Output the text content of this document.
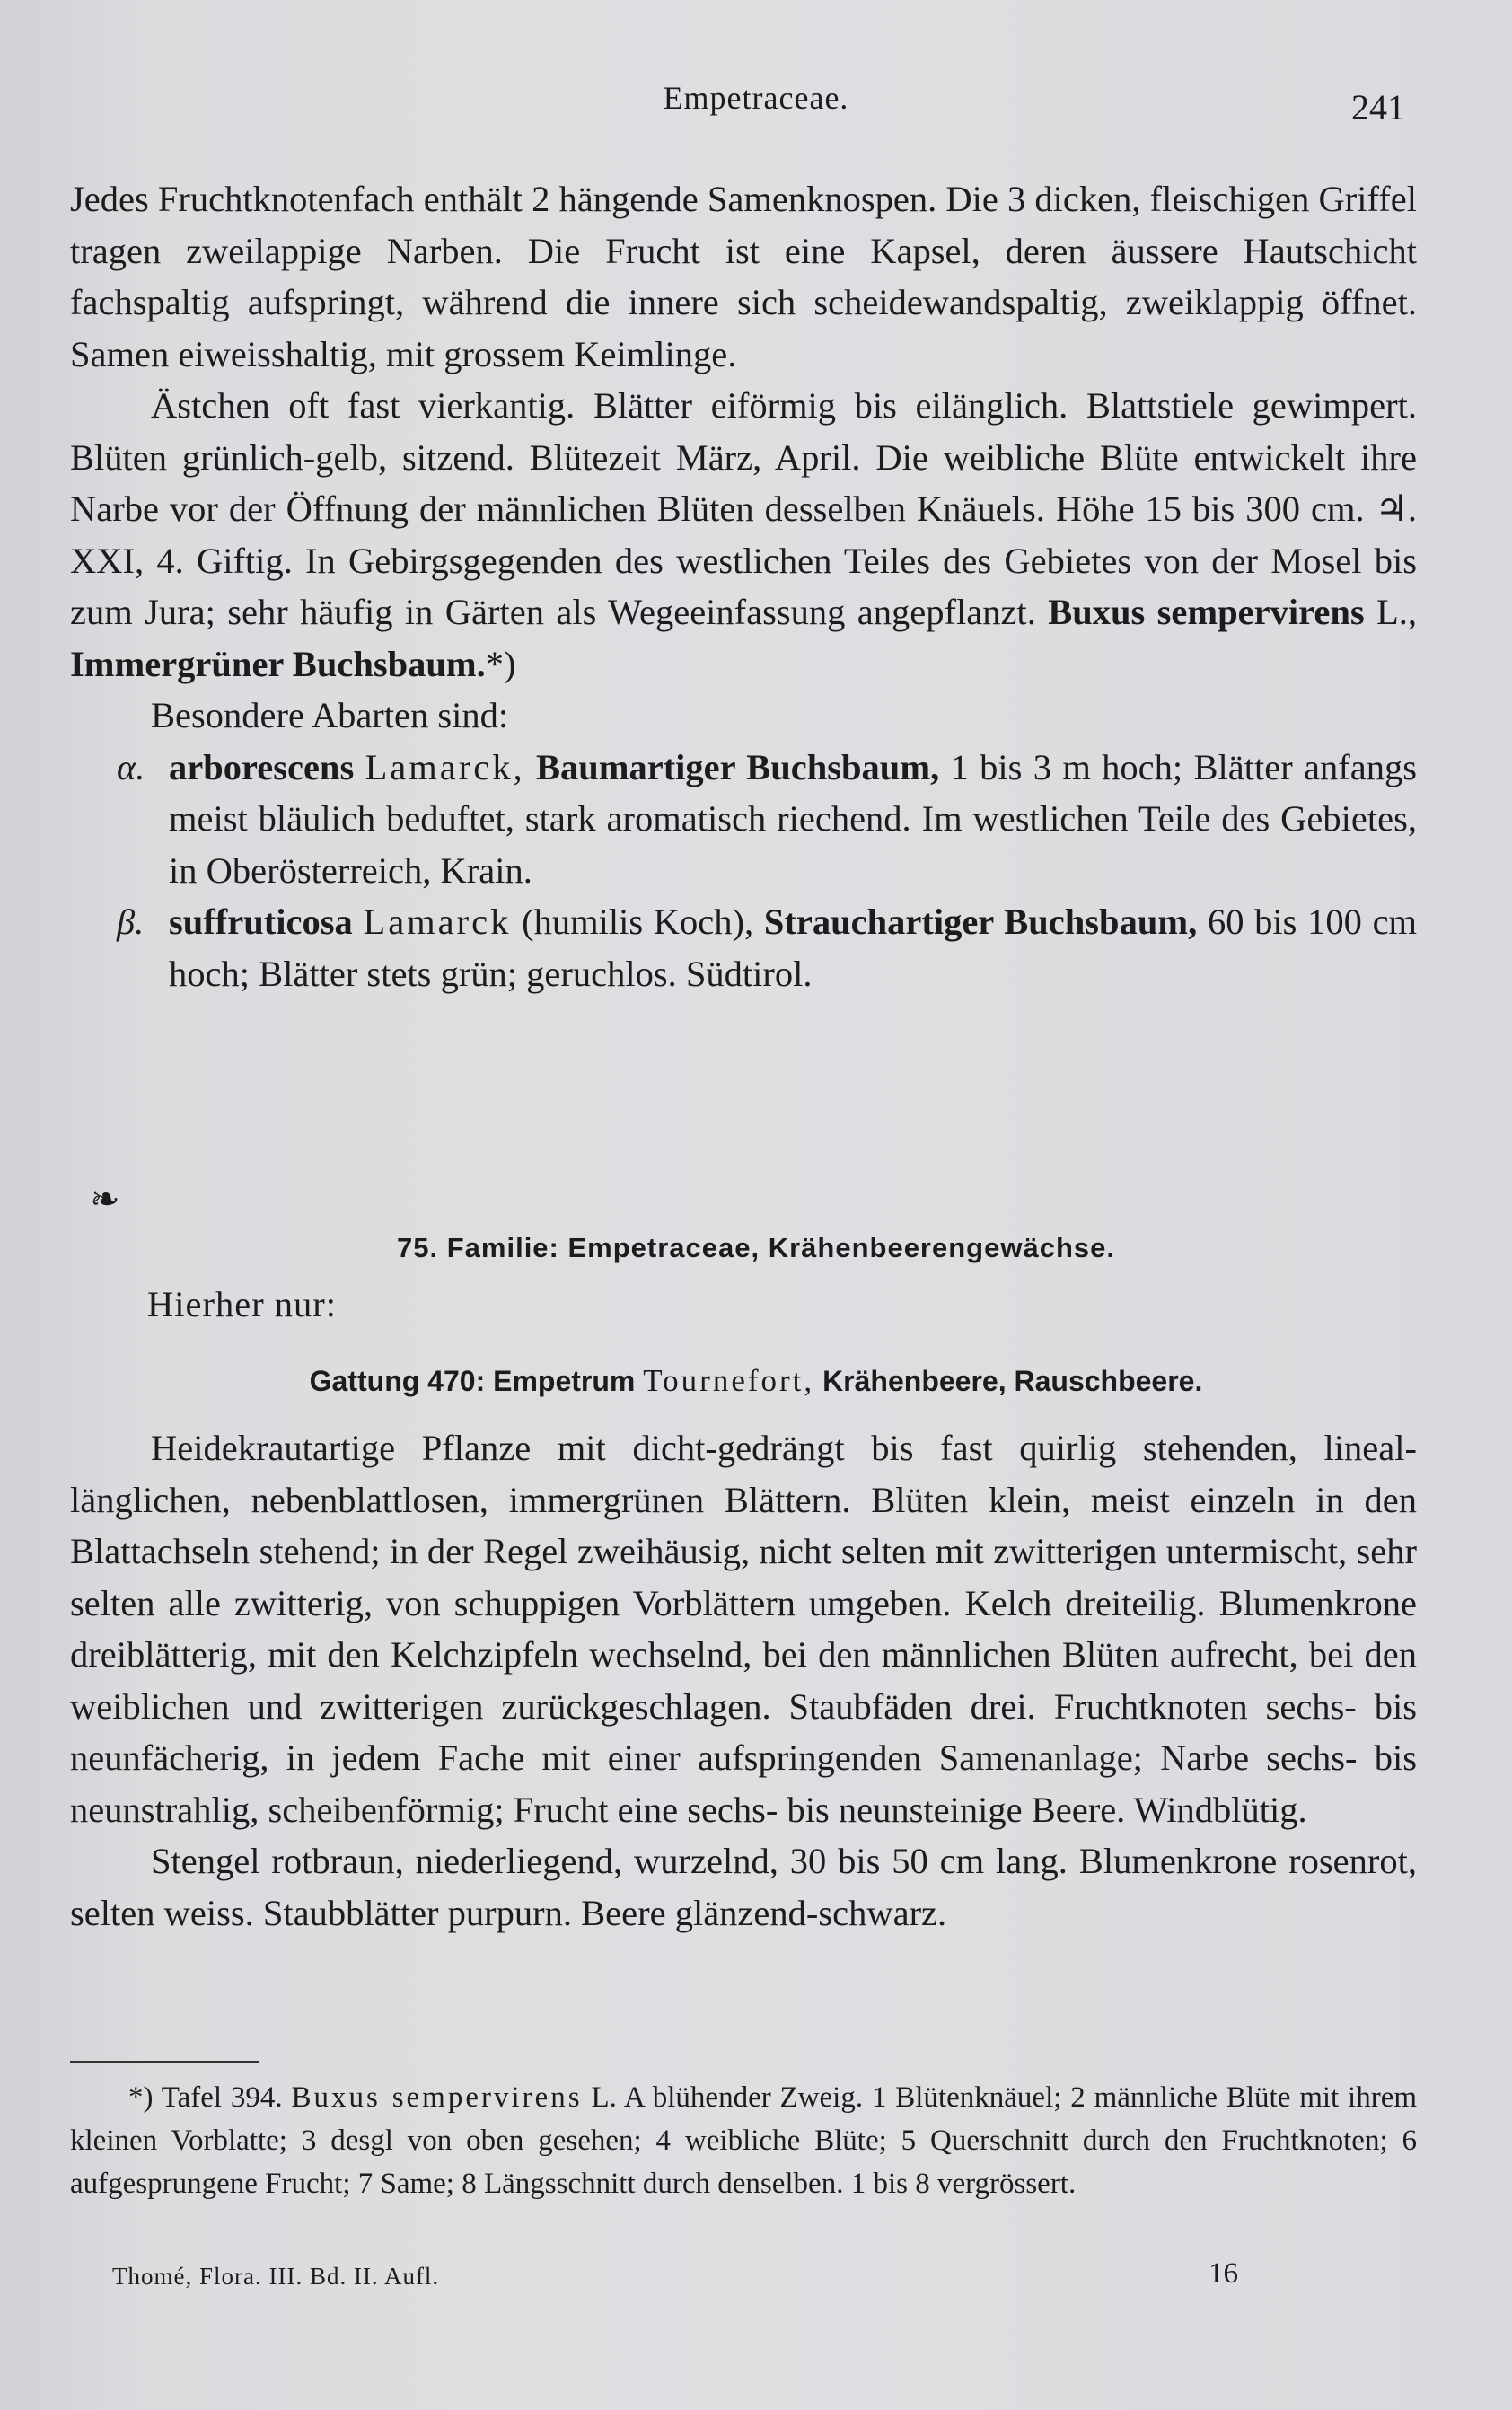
Empetraceae.	241

Jedes Fruchtknotenfach enthält 2 hängende Samenknospen. Die 3 dicken, fleischigen Griffel tragen zweilappige Narben. Die Frucht ist eine Kapsel, deren äussere Hautschicht fachspaltig aufspringt, während die innere sich scheidewandspaltig, zweiklappig öffnet. Samen eiweisshaltig, mit grossem Keimlinge.

Ästchen oft fast vierkantig. Blätter eiförmig bis eilänglich. Blattstiele gewimpert. Blüten grünlich-gelb, sitzend. Blütezeit März, April. Die weibliche Blüte entwickelt ihre Narbe vor der Öffnung der männlichen Blüten desselben Knäuels. Höhe 15 bis 300 cm. ♃. XXI, 4. Giftig. In Gebirgsgegenden des westlichen Teiles des Gebietes von der Mosel bis zum Jura; sehr häufig in Gärten als Wegeeinfassung angepflanzt. Buxus sempervirens L., Immergrüner Buchsbaum.*)

Besondere Abarten sind:

α. arborescens Lamarck, Baumartiger Buchsbaum, 1 bis 3 m hoch; Blätter anfangs meist bläulich beduftet, stark aromatisch riechend. Im westlichen Teile des Gebietes, in Oberösterreich, Krain.
β. suffruticosa Lamarck (humilis Koch), Strauchartiger Buchsbaum, 60 bis 100 cm hoch; Blätter stets grün; geruchlos. Südtirol.
❧
75. Familie: Empetraceae, Krähenbeerengewächse.
Hierher nur:
Gattung 470: Empetrum Tournefort, Krähenbeere, Rauschbeere.

Heidekrautartige Pflanze mit dicht-gedrängt bis fast quirlig stehenden, lineal-länglichen, nebenblattlosen, immergrünen Blättern. Blüten klein, meist einzeln in den Blattachseln stehend; in der Regel zweihäusig, nicht selten mit zwitterigen untermischt, sehr selten alle zwitterig, von schuppigen Vorblättern umgeben. Kelch dreiteilig. Blumenkrone dreiblätterig, mit den Kelchzipfeln wechselnd, bei den männlichen Blüten aufrecht, bei den weiblichen und zwitterigen zurückgeschlagen. Staubfäden drei. Fruchtknoten sechs- bis neunfächerig, in jedem Fache mit einer aufspringenden Samenanlage; Narbe sechs- bis neunstrahlig, scheibenförmig; Frucht eine sechs- bis neunsteinige Beere. Windblütig.

Stengel rotbraun, niederliegend, wurzelnd, 30 bis 50 cm lang. Blumenkrone rosenrot, selten weiss. Staubblätter purpurn. Beere glänzend-schwarz.

*) Tafel 394. Buxus sempervirens L. A blühender Zweig. 1 Blütenknäuel; 2 männliche Blüte mit ihrem kleinen Vorblatte; 3 desgl von oben gesehen; 4 weibliche Blüte; 5 Querschnitt durch den Fruchtknoten; 6 aufgesprungene Frucht; 7 Same; 8 Längsschnitt durch denselben. 1 bis 8 vergrössert.

Thomé, Flora. III. Bd. II. Aufl.	16
